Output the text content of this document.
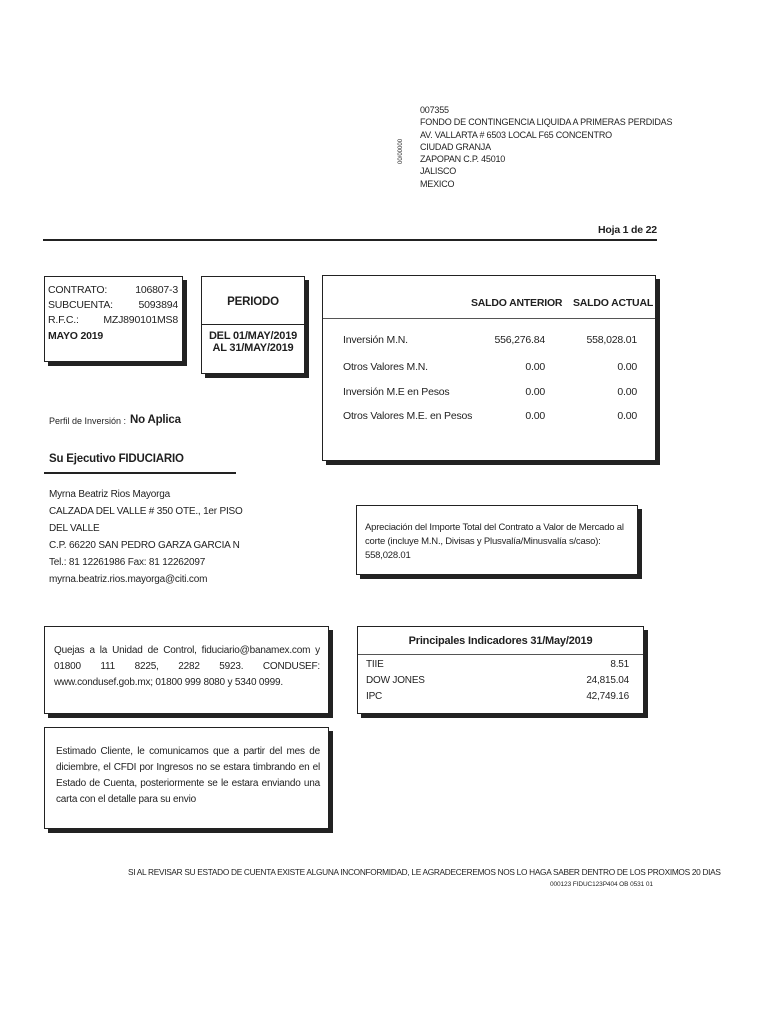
00/00000
007355
FONDO DE CONTINGENCIA LIQUIDA A PRIMERAS PERDIDAS
AV. VALLARTA # 6503 LOCAL F65 CONCENTRO
CIUDAD GRANJA
ZAPOPAN C.P. 45010
JALISCO
MEXICO
Hoja 1 de 22
CONTRATO:	106807-3
SUBCUENTA: 5093894
R.F.C.: MZJ890101MS8
MAYO 2019
PERIODO
DEL 01/MAY/2019
AL 31/MAY/2019
SALDO ANTERIOR SALDO ACTUAL
Inversión M.N.	556,276.84	558,028.01
Otros Valores M.N.	0.00	0.00
Inversión M.E en Pesos	0.00	0.00
Otros Valores M.E. en Pesos	0.00	0.00
Perfil de Inversión : No Aplica
Su Ejecutivo FIDUCIARIO
Myrna Beatriz Rios Mayorga
CALZADA DEL VALLE # 350 OTE., 1er PISO
DEL VALLE
C.P. 66220 SAN PEDRO GARZA GARCIA N
Tel.: 81 12261986 Fax: 81 12262097
myrna.beatriz.rios.mayorga@citi.com
Apreciación del Importe Total del Contrato a Valor de Mercado al corte (incluye M.N., Divisas y Plusvalía/Minusvalía s/caso): 558,028.01
Quejas a la Unidad de Control, fiduciario@banamex.com y 01800 111 8225, 2282 5923. CONDUSEF: www.condusef.gob.mx; 01800 999 8080 y 5340 0999.
Principales Indicadores 31/May/2019
TIIE	8.51
DOW JONES	24,815.04
IPC	42,749.16
Estimado Cliente, le comunicamos que a partir del mes de diciembre, el CFDI por Ingresos no se estara timbrando en el Estado de Cuenta, posteriormente se le estara enviando una carta con el detalle para su envio
SI AL REVISAR SU ESTADO DE CUENTA EXISTE ALGUNA INCONFORMIDAD, LE AGRADECEREMOS NOS LO HAGA SABER DENTRO DE LOS PROXIMOS 20 DIAS
000123 FIDUC123P404 OB 0531 01
